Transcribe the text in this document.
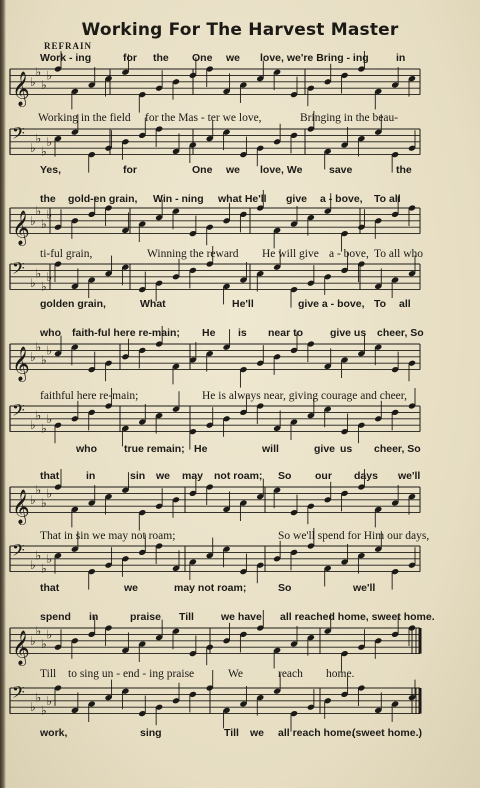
Working For The Harvest Master
REFRAIN
𝄞 ♭
♭
♭
♭
𝄢
♭
♭
♭
♭
𝄞 ♭
♭
♭
♭
𝄢
♭
♭
♭
♭
𝄞 ♭
♭
♭
♭
𝄢
♭
♭
♭
♭
𝄞 ♭
♭
♭
♭
𝄢
♭
♭
♭
♭
𝄞 ♭
♭
♭
♭
𝄢
♭
♭
♭
♭
Work - ing	for the One we love, we're Bring - ing	in
Working in the field for the Mas - ter we love,	Bringing in the beau-
Yes,	for	One we love, We	save	the
the gold-en grain, Win - ning what He'll give a - bove, To all
ti-ful grain,	Winning the reward He will give a - bove, To all who
golden grain,	What	He'll	give a - bove, To all
who faith-ful here re-main; He is near to	give us cheer, So
faithful here re-main;	He is always near, giving courage and cheer,
who	true remain; He	will	give us cheer, So
that	in	sin we may not roam; So our days we'll
That in sin we may not roam;	So we'll spend for Him our days,
that	we	may not roam;	So	we'll
spend in	praise Till	we have all reached home, sweet home.
Till to sing un - end - ing praise	We	reach home.
work,	sing	Till we all reach home.
(sweet home.)
